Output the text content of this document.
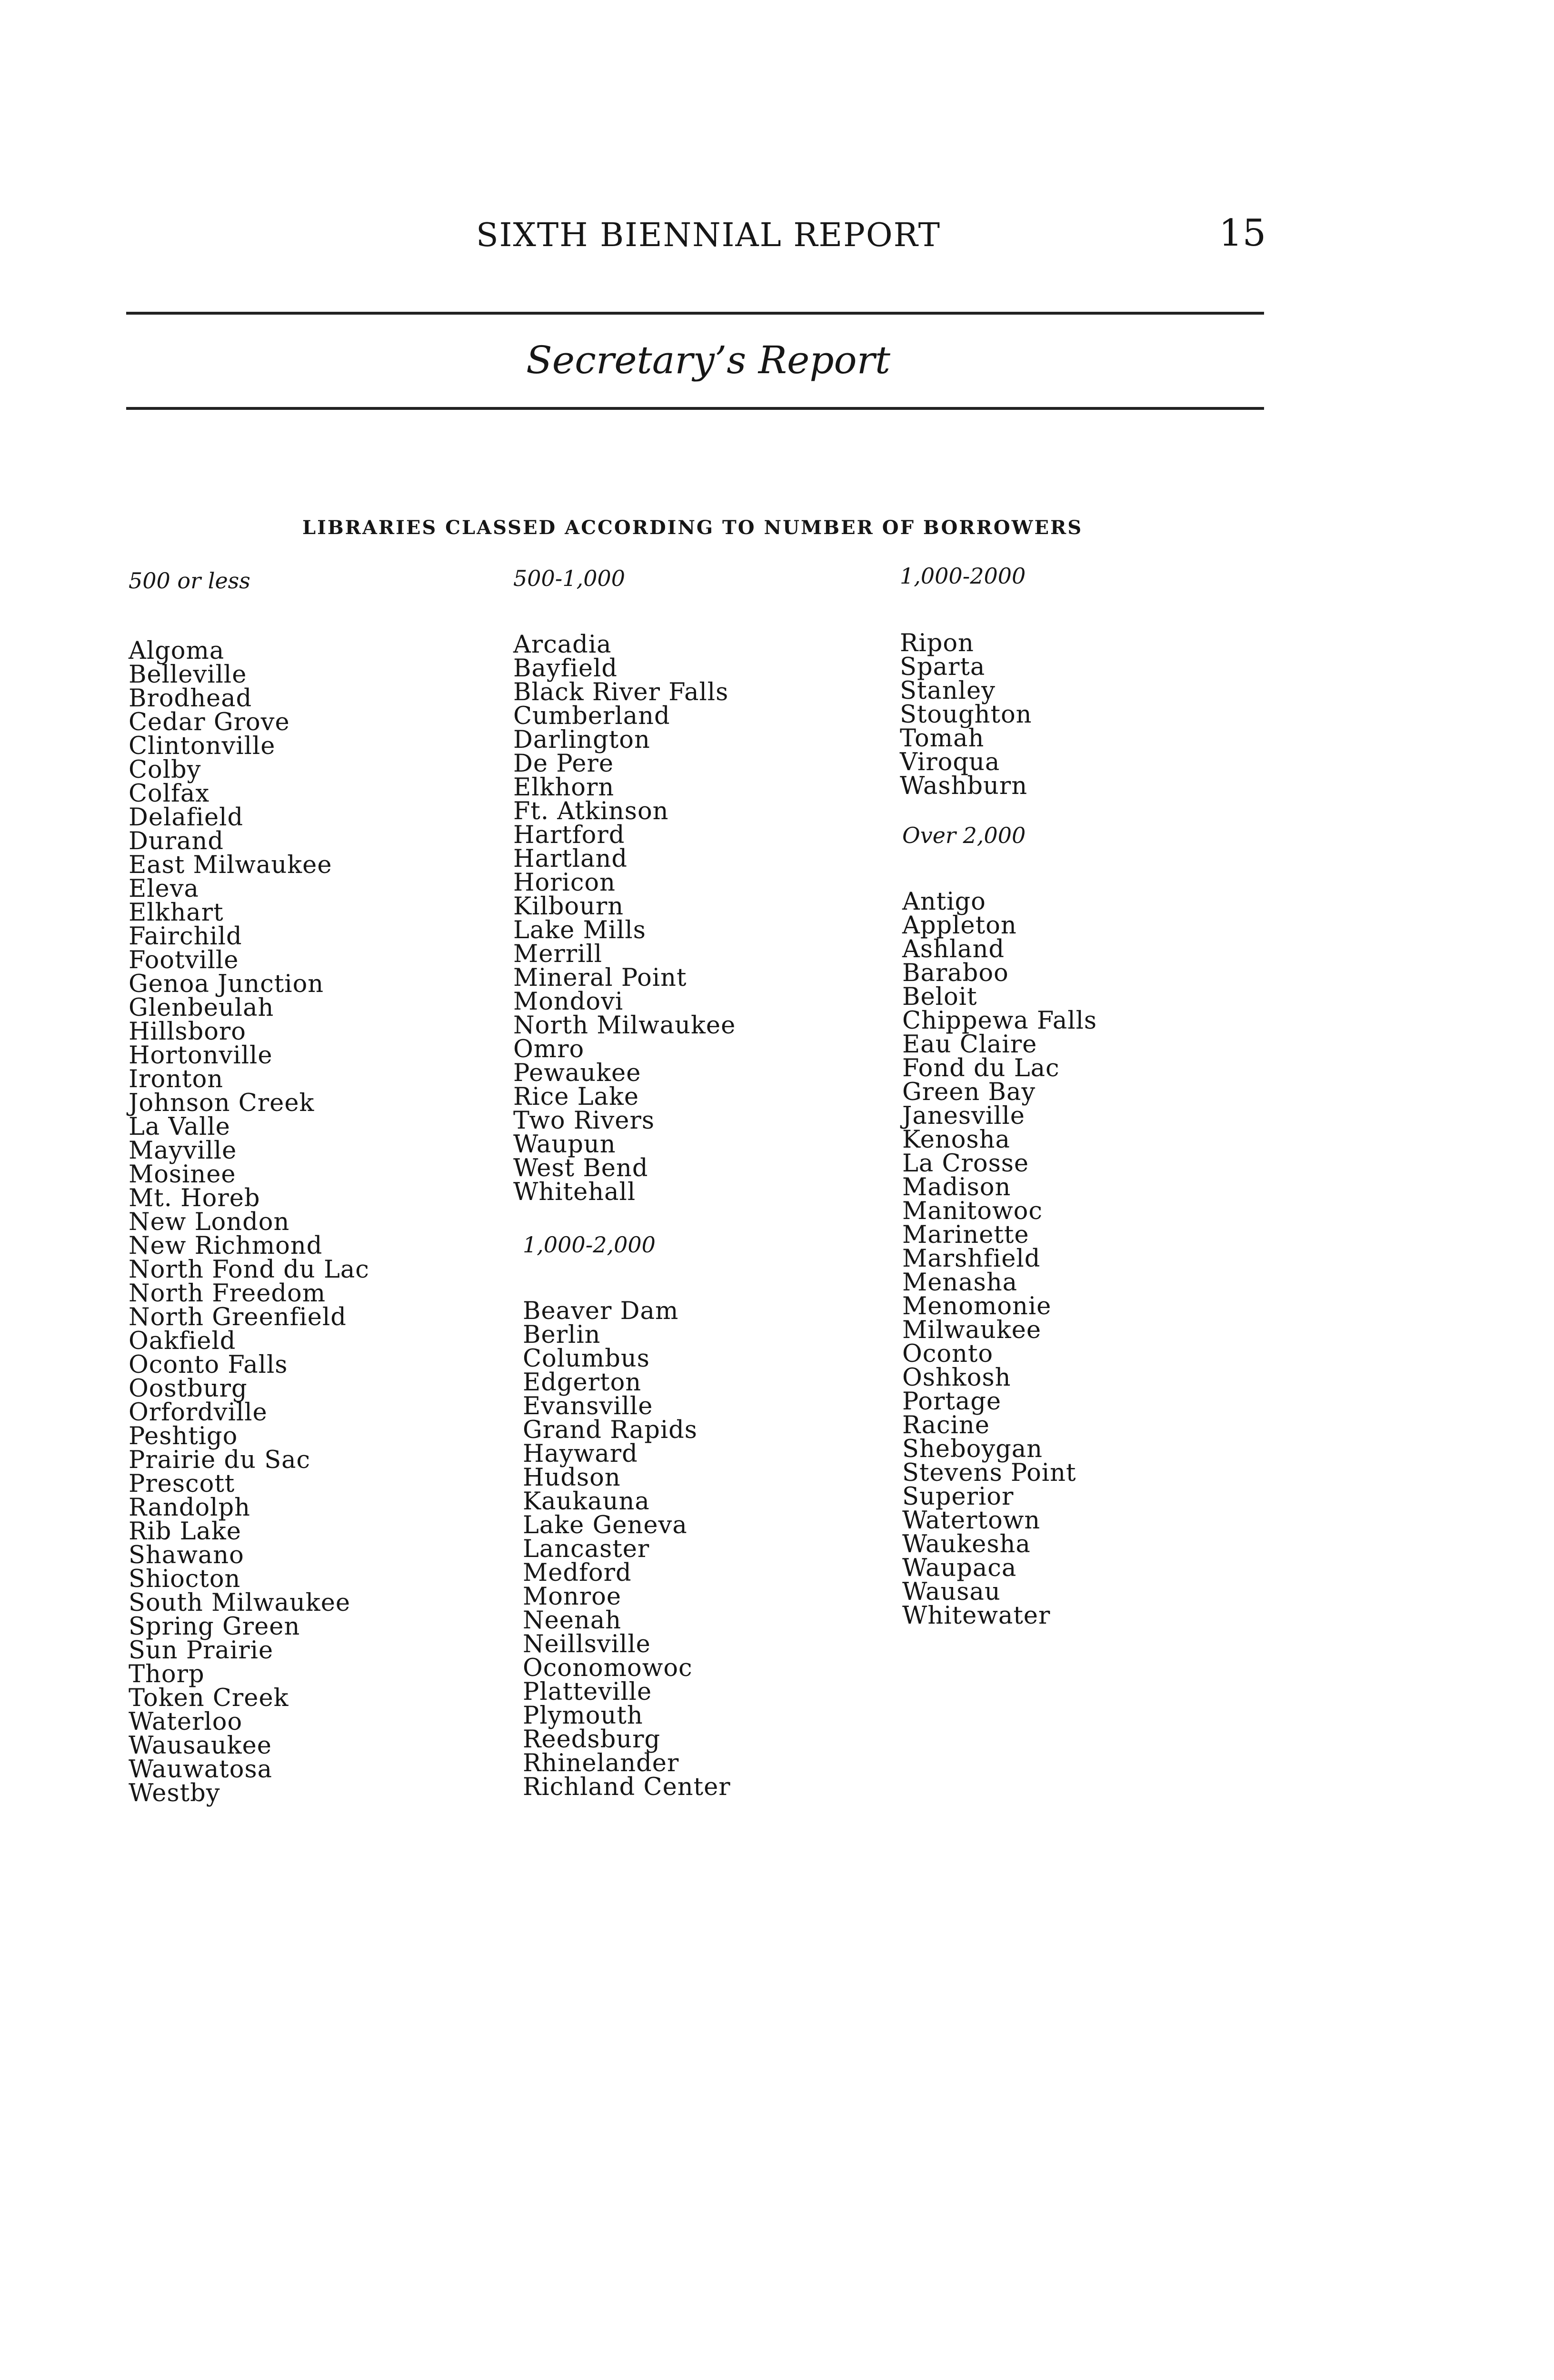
SIXTH BIENNIAL REPORT	15
Secretary’s Report
LIBRARIES CLASSED ACCORDING TO NUMBER OF BORROWERS
500 or less
Algoma
Belleville
Brodhead
Cedar Grove
Clintonville
Colby
Colfax
Delafield
Durand
East Milwaukee
Eleva
Elkhart
Fairchild
Footville
Genoa Junction
Glenbeulah
Hillsboro
Hortonville
Ironton
Johnson Creek
La Valle
Mayville
Mosinee
Mt. Horeb
New London
New Richmond
North Fond du Lac
North Freedom
North Greenfield
Oakfield
Oconto Falls
Oostburg
Orfordville
Peshtigo
Prairie du Sac
Prescott
Randolph
Rib Lake
Shawano
Shiocton
South Milwaukee
Spring Green
Sun Prairie
Thorp
Token Creek
Waterloo
Wausaukee
Wauwatosa
Westby
500-1,000
Arcadia
Bayfield
Black River Falls
Cumberland
Darlington
De Pere
Elkhorn
Ft. Atkinson
Hartford
Hartland
Horicon
Kilbourn
Lake Mills
Merrill
Mineral Point
Mondovi
North Milwaukee
Omro
Pewaukee
Rice Lake
Two Rivers
Waupun
West Bend
Whitehall
1,000-2,000
Beaver Dam
Berlin
Columbus
Edgerton
Evansville
Grand Rapids
Hayward
Hudson
Kaukauna
Lake Geneva
Lancaster
Medford
Monroe
Neenah
Neillsville
Oconomowoc
Platteville
Plymouth
Reedsburg
Rhinelander
Richland Center
1,000-2000
Ripon
Sparta
Stanley
Stoughton
Tomah
Viroqua
Washburn
Over 2,000
Antigo
Appleton
Ashland
Baraboo
Beloit
Chippewa Falls
Eau Claire
Fond du Lac
Green Bay
Janesville
Kenosha
La Crosse
Madison
Manitowoc
Marinette
Marshfield
Menasha
Menomonie
Milwaukee
Oconto
Oshkosh
Portage
Racine
Sheboygan
Stevens Point
Superior
Watertown
Waukesha
Waupaca
Wausau
Whitewater
